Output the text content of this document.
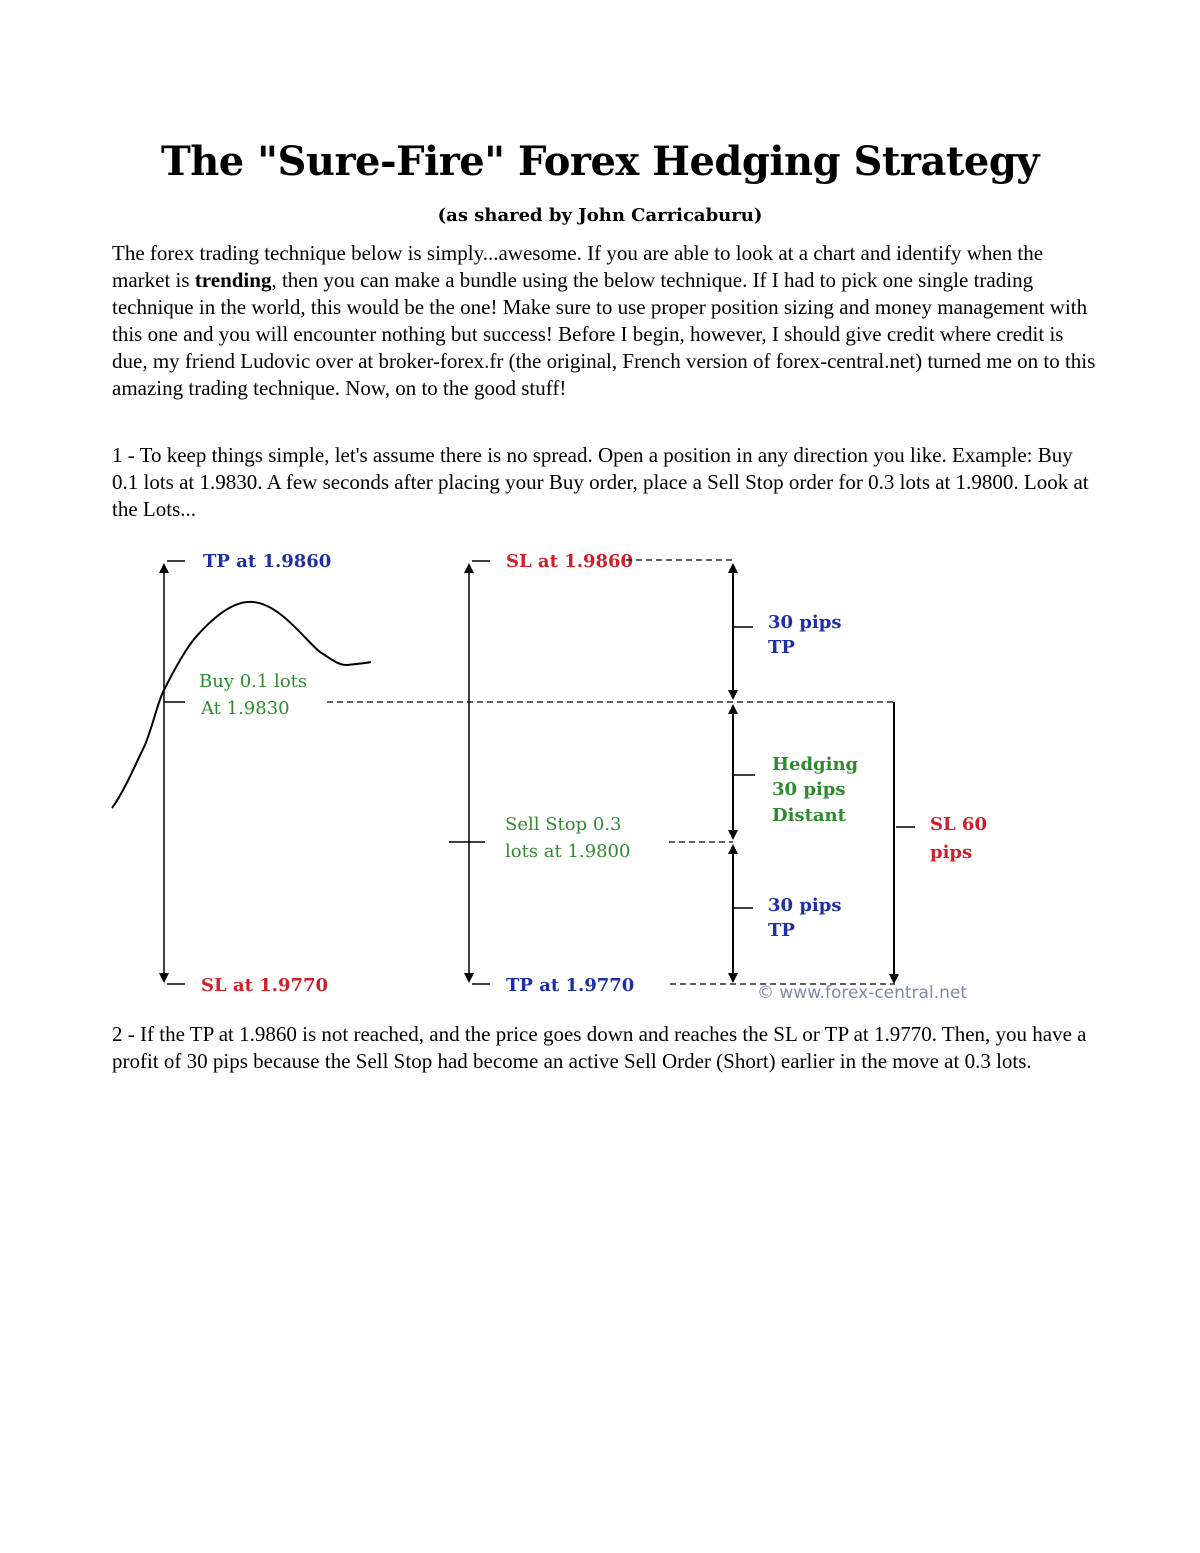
The "Sure-Fire" Forex Hedging Strategy
(as shared by John Carricaburu)

The forex trading technique below is simply...awesome. If you are able to look at a chart and identify when the market is trending, then you can make a bundle using the below technique. If I had to pick one single trading technique in the world, this would be the one! Make sure to use proper position sizing and money management with this one and you will encounter nothing but success! Before I begin, however, I should give credit where credit is due, my friend Ludovic over at broker-forex.fr (the original, French version of forex-central.net) turned me on to this amazing trading technique. Now, on to the good stuff!

1 - To keep things simple, let's assume there is no spread. Open a position in any direction you like. Example: Buy 0.1 lots at 1.9830. A few seconds after placing your Buy order, place a Sell Stop order for 0.3 lots at 1.9800. Look at the Lots...

TP at 1.9860
Buy 0.1 lots
At 1.9830
SL at 1.9770
SL at 1.9860
Sell Stop 0.3
lots at 1.9800
TP at 1.9770
30 pips
TP
Hedging
30 pips
Distant
30 pips
TP
SL 60
pips
© www.forex-central.net

2 - If the TP at 1.9860 is not reached, and the price goes down and reaches the SL or TP at 1.9770. Then, you have a profit of 30 pips because the Sell Stop had become an active Sell Order (Short) earlier in the move at 0.3 lots.
